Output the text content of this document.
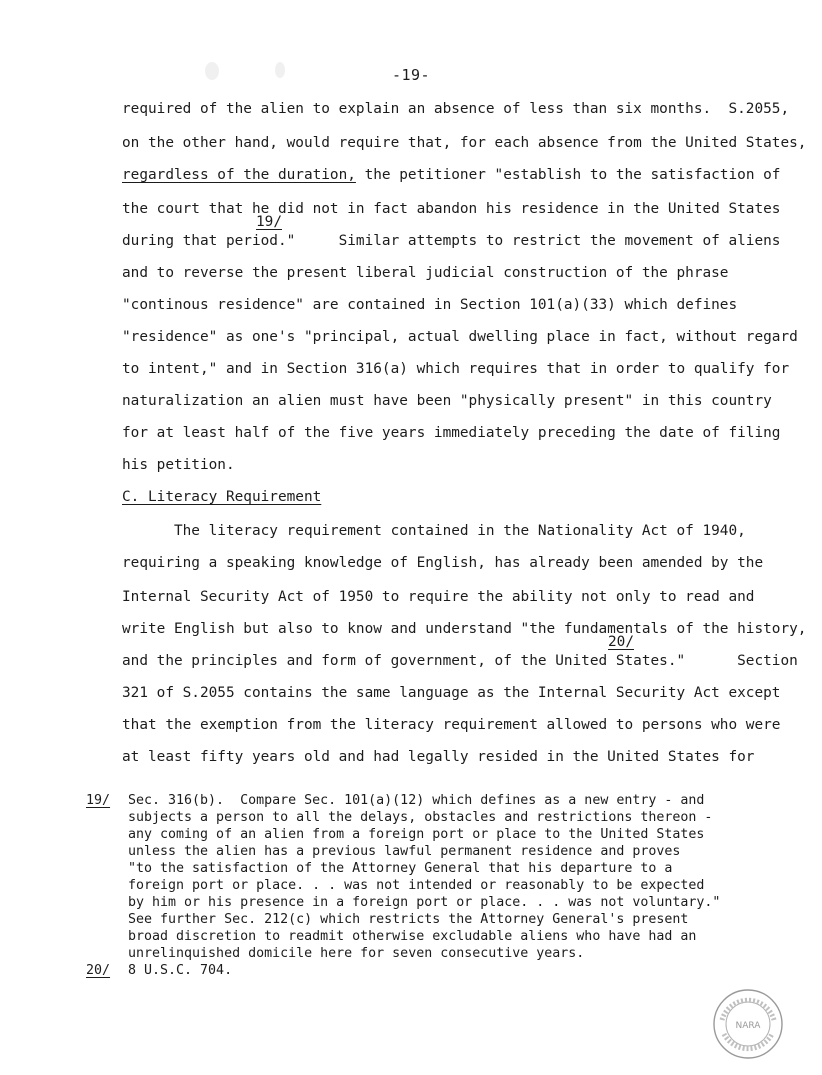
-19-
required of the alien to explain an absence of less than six months.  S.2055,
on the other hand, would require that, for each absence from the United States,
regardless of the duration, the petitioner "establish to the satisfaction of
the court that he did not in fact abandon his residence in the United States
19/
during that period."     Similar attempts to restrict the movement of aliens
and to reverse the present liberal judicial construction of the phrase
"continous residence" are contained in Section 101(a)(33) which defines
"residence" as one's "principal, actual dwelling place in fact, without regard
to intent," and in Section 316(a) which requires that in order to qualify for
naturalization an alien must have been "physically present" in this country
for at least half of the five years immediately preceding the date of filing
his petition.
C. Literacy Requirement
The literacy requirement contained in the Nationality Act of 1940,
requiring a speaking knowledge of English, has already been amended by the
Internal Security Act of 1950 to require the ability not only to read and
write English but also to know and understand "the fundamentals of the history,
20/
and the principles and form of government, of the United States."      Section
321 of S.2055 contains the same language as the Internal Security Act except
that the exemption from the literacy requirement allowed to persons who were
at least fifty years old and had legally resided in the United States for
19/ Sec. 316(b).  Compare Sec. 101(a)(12) which defines as a new entry - and
subjects a person to all the delays, obstacles and restrictions thereon -
any coming of an alien from a foreign port or place to the United States
unless the alien has a previous lawful permanent residence and proves
"to the satisfaction of the Attorney General that his departure to a
foreign port or place. . . was not intended or reasonably to be expected
by him or his presence in a foreign port or place. . . was not voluntary."
See further Sec. 212(c) which restricts the Attorney General's present
broad discretion to readmit otherwise excludable aliens who have had an
unrelinquished domicile here for seven consecutive years.
20/ 8 U.S.C. 704.
NARA
